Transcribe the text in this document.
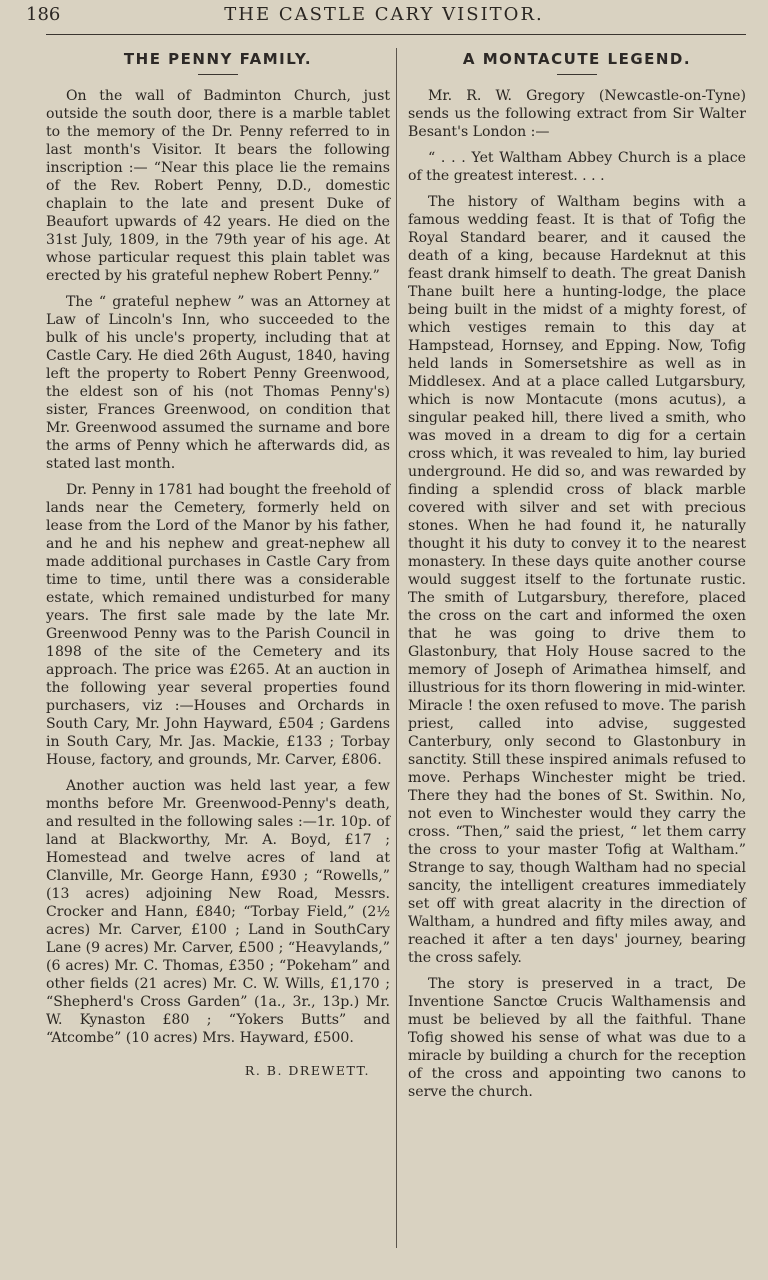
186	THE CASTLE CARY VISITOR.
THE PENNY FAMILY.

On the wall of Badminton Church, just outside the south door, there is a marble tablet to the memory of the Dr. Penny referred to in last month's Visitor. It bears the following inscription :— “Near this place lie the remains of the Rev. Robert Penny, D.D., domestic chaplain to the late and present Duke of Beaufort upwards of 42 years. He died on the 31st July, 1809, in the 79th year of his age. At whose particular request this plain tablet was erected by his grateful nephew Robert Penny.”

The “ grateful nephew ” was an Attorney at Law of Lincoln's Inn, who succeeded to the bulk of his uncle's property, including that at Castle Cary. He died 26th August, 1840, having left the property to Robert Penny Greenwood, the eldest son of his (not Thomas Penny's) sister, Frances Greenwood, on condition that Mr. Greenwood assumed the surname and bore the arms of Penny which he afterwards did, as stated last month.

Dr. Penny in 1781 had bought the freehold of lands near the Cemetery, formerly held on lease from the Lord of the Manor by his father, and he and his nephew and great-nephew all made additional purchases in Castle Cary from time to time, until there was a considerable estate, which remained undisturbed for many years. The first sale made by the late Mr. Greenwood Penny was to the Parish Council in 1898 of the site of the Cemetery and its approach. The price was £265. At an auction in the following year several properties found purchasers, viz :—Houses and Orchards in South Cary, Mr. John Hayward, £504 ; Gardens in South Cary, Mr. Jas. Mackie, £133 ; Torbay House, factory, and grounds, Mr. Carver, £806.

Another auction was held last year, a few months before Mr. Greenwood-Penny's death, and resulted in the following sales :—1r. 10p. of land at Blackworthy, Mr. A. Boyd, £17 ; Homestead and twelve acres of land at Clanville, Mr. George Hann, £930 ; “Rowells,” (13 acres) adjoining New Road, Messrs. Crocker and Hann, £840; “Torbay Field,” (2½ acres) Mr. Carver, £100 ; Land in SouthCary Lane (9 acres) Mr. Carver, £500 ; “Heavylands,” (6 acres) Mr. C. Thomas, £350 ; “Pokeham” and other fields (21 acres) Mr. C. W. Wills, £1,170 ; “Shepherd's Cross Garden” (1a., 3r., 13p.) Mr. W. Kynaston £80 ; “Yokers Butts” and “Atcombe” (10 acres) Mrs. Hayward, £500.

R. B. DREWETT.
A MONTACUTE LEGEND.

Mr. R. W. Gregory (Newcastle-on-Tyne) sends us the following extract from Sir Walter Besant's London :—

“ . . . Yet Waltham Abbey Church is a place of the greatest interest. . . .

The history of Waltham begins with a famous wedding feast. It is that of Tofig the Royal Standard bearer, and it caused the death of a king, because Hardeknut at this feast drank himself to death. The great Danish Thane built here a hunting-lodge, the place being built in the midst of a mighty forest, of which vestiges remain to this day at Hampstead, Hornsey, and Epping. Now, Tofig held lands in Somersetshire as well as in Middlesex. And at a place called Lutgarsbury, which is now Montacute (mons acutus), a singular peaked hill, there lived a smith, who was moved in a dream to dig for a certain cross which, it was revealed to him, lay buried underground. He did so, and was rewarded by finding a splendid cross of black marble covered with silver and set with precious stones. When he had found it, he naturally thought it his duty to convey it to the nearest monastery. In these days quite another course would suggest itself to the fortunate rustic. The smith of Lutgarsbury, therefore, placed the cross on the cart and informed the oxen that he was going to drive them to Glastonbury, that Holy House sacred to the memory of Joseph of Arimathea himself, and illustrious for its thorn flowering in mid-winter. Miracle ! the oxen refused to move. The parish priest, called into advise, suggested Canterbury, only second to Glastonbury in sanctity. Still these inspired animals refused to move. Perhaps Winchester might be tried. There they had the bones of St. Swithin. No, not even to Winchester would they carry the cross. “Then,” said the priest, “ let them carry the cross to your master Tofig at Waltham.” Strange to say, though Waltham had no special sancity, the intelligent creatures immediately set off with great alacrity in the direction of Waltham, a hundred and fifty miles away, and reached it after a ten days' journey, bearing the cross safely.

The story is preserved in a tract, De Inventione Sanctœ Crucis Walthamensis and must be believed by all the faithful. Thane Tofig showed his sense of what was due to a miracle by building a church for the reception of the cross and appointing two canons to serve the church.
